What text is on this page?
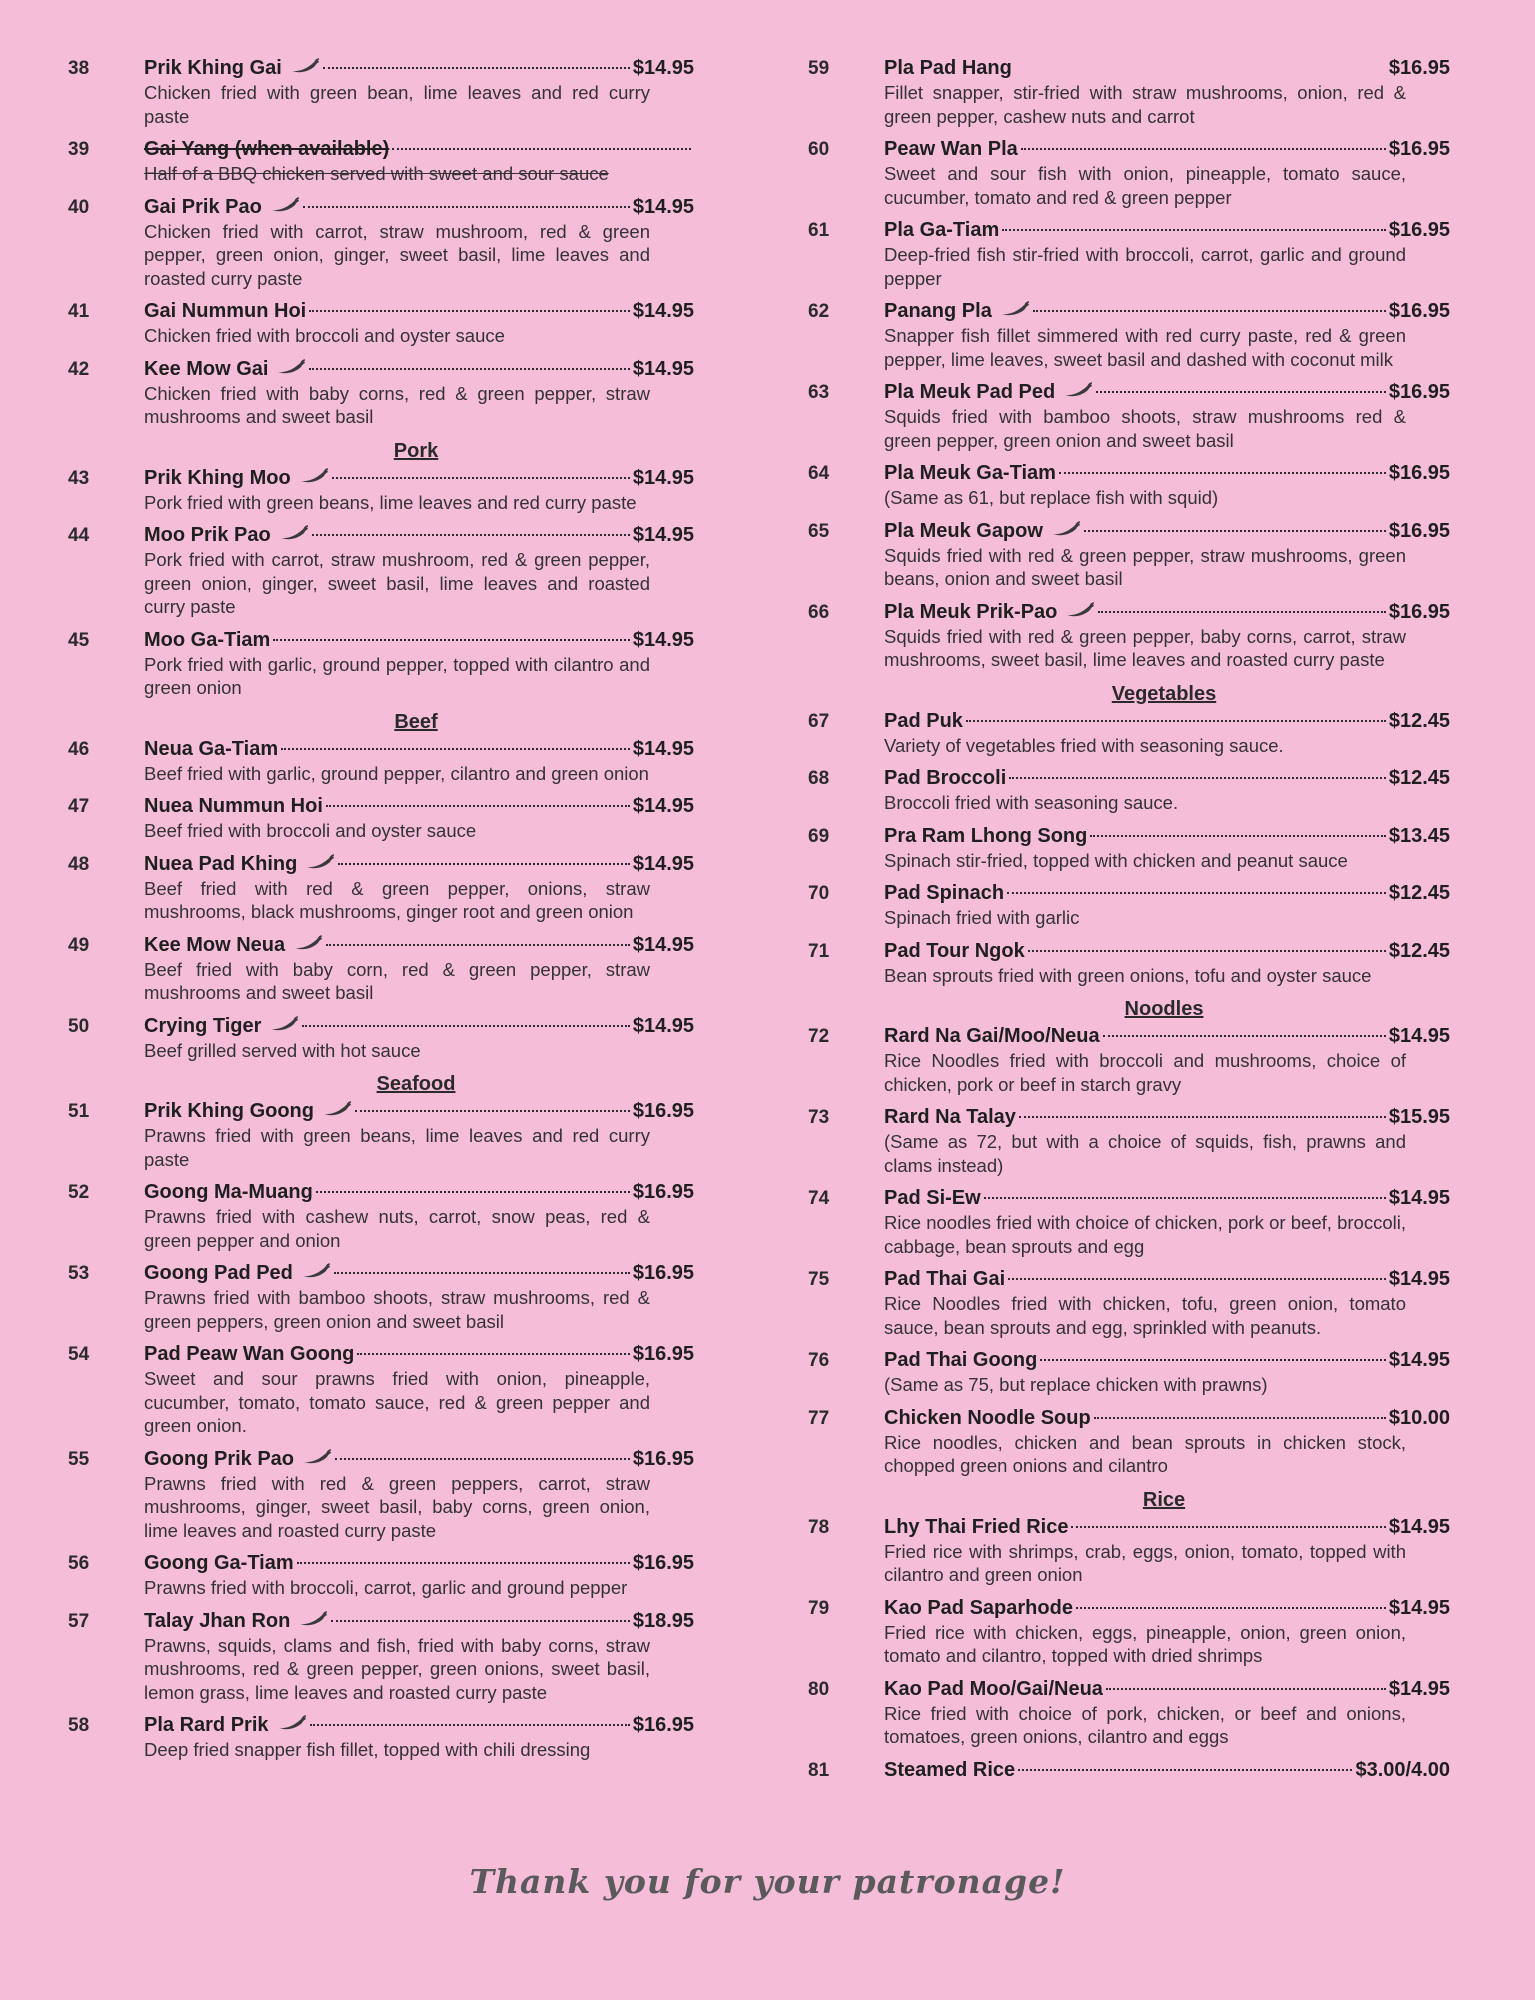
38	Prik Khing Gai	$14.95
Chicken fried with green bean, lime leaves and red curry paste
39	Gai Yang (when available)
Half of a BBQ chicken served with sweet and sour sauce
40	Gai Prik Pao	$14.95
Chicken fried with carrot, straw mushroom, red & green pepper, green onion, ginger, sweet basil, lime leaves and roasted curry paste
41	Gai Nummun Hoi	$14.95
Chicken fried with broccoli and oyster sauce
42	Kee Mow Gai	$14.95
Chicken fried with baby corns, red & green pepper, straw mushrooms and sweet basil
Pork
43	Prik Khing Moo	$14.95
Pork fried with green beans, lime leaves and red curry paste
44	Moo Prik Pao	$14.95
Pork fried with carrot, straw mushroom, red & green pepper, green onion, ginger, sweet basil, lime leaves and roasted curry paste
45	Moo Ga-Tiam	$14.95
Pork fried with garlic, ground pepper, topped with cilantro and green onion
Beef
46	Neua Ga-Tiam	$14.95
Beef fried with garlic, ground pepper, cilantro and green onion
47	Nuea Nummun Hoi	$14.95
Beef fried with broccoli and oyster sauce
48	Nuea Pad Khing	$14.95
Beef fried with red & green pepper, onions, straw mushrooms, black mushrooms, ginger root and green onion
49	Kee Mow Neua	$14.95
Beef fried with baby corn, red & green pepper, straw mushrooms and sweet basil
50	Crying Tiger	$14.95
Beef grilled served with hot sauce
Seafood
51	Prik Khing Goong	$16.95
Prawns fried with green beans, lime leaves and red curry paste
52	Goong Ma-Muang	$16.95
Prawns fried with cashew nuts, carrot, snow peas, red & green pepper and onion
53	Goong Pad Ped	$16.95
Prawns fried with bamboo shoots, straw mushrooms, red & green peppers, green onion and sweet basil
54	Pad Peaw Wan Goong	$16.95
Sweet and sour prawns fried with onion, pineapple, cucumber, tomato, tomato sauce, red & green pepper and green onion.
55	Goong Prik Pao	$16.95
Prawns fried with red & green peppers, carrot, straw mushrooms, ginger, sweet basil, baby corns, green onion, lime leaves and roasted curry paste
56	Goong Ga-Tiam	$16.95
Prawns fried with broccoli, carrot, garlic and ground pepper
57	Talay Jhan Ron	$18.95
Prawns, squids, clams and fish, fried with baby corns, straw mushrooms, red & green pepper, green onions, sweet basil, lemon grass, lime leaves and roasted curry paste
58	Pla Rard Prik	$16.95
Deep fried snapper fish fillet, topped with chili dressing
59	Pla Pad Hang	$16.95
Fillet snapper, stir-fried with straw mushrooms, onion, red & green pepper, cashew nuts and carrot
60	Peaw Wan Pla	$16.95
Sweet and sour fish with onion, pineapple, tomato sauce, cucumber, tomato and red & green pepper
61	Pla Ga-Tiam	$16.95
Deep-fried fish stir-fried with broccoli, carrot, garlic and ground pepper
62	Panang Pla	$16.95
Snapper fish fillet simmered with red curry paste, red & green pepper, lime leaves, sweet basil and dashed with coconut milk
63	Pla Meuk Pad Ped	$16.95
Squids fried with bamboo shoots, straw mushrooms red & green pepper, green onion and sweet basil
64	Pla Meuk Ga-Tiam	$16.95
(Same as 61, but replace fish with squid)
65	Pla Meuk Gapow	$16.95
Squids fried with red & green pepper, straw mushrooms, green beans, onion and sweet basil
66	Pla Meuk Prik-Pao	$16.95
Squids fried with red & green pepper, baby corns, carrot, straw mushrooms, sweet basil, lime leaves and roasted curry paste
Vegetables
67	Pad Puk	$12.45
Variety of vegetables fried with seasoning sauce.
68	Pad Broccoli	$12.45
Broccoli fried with seasoning sauce.
69	Pra Ram Lhong Song	$13.45
Spinach stir-fried, topped with chicken and peanut sauce
70	Pad Spinach	$12.45
Spinach fried with garlic
71	Pad Tour Ngok	$12.45
Bean sprouts fried with green onions, tofu and oyster sauce
Noodles
72	Rard Na Gai/Moo/Neua	$14.95
Rice Noodles fried with broccoli and mushrooms, choice of chicken, pork or beef in starch gravy
73	Rard Na Talay	$15.95
(Same as 72, but with a choice of squids, fish, prawns and clams instead)
74	Pad Si-Ew	$14.95
Rice noodles fried with choice of chicken, pork or beef, broccoli, cabbage, bean sprouts and egg
75	Pad Thai Gai	$14.95
Rice Noodles fried with chicken, tofu, green onion, tomato sauce, bean sprouts and egg, sprinkled with peanuts.
76	Pad Thai Goong	$14.95
(Same as 75, but replace chicken with prawns)
77	Chicken Noodle Soup	$10.00
Rice noodles, chicken and bean sprouts in chicken stock, chopped green onions and cilantro
Rice
78	Lhy Thai Fried Rice	$14.95
Fried rice with shrimps, crab, eggs, onion, tomato, topped with cilantro and green onion
79	Kao Pad Saparhode	$14.95
Fried rice with chicken, eggs, pineapple, onion, green onion, tomato and cilantro, topped with dried shrimps
80	Kao Pad Moo/Gai/Neua	$14.95
Rice fried with choice of pork, chicken, or beef and onions, tomatoes, green onions, cilantro and eggs
81	Steamed Rice	$3.00/4.00
Thank you for your patronage!
